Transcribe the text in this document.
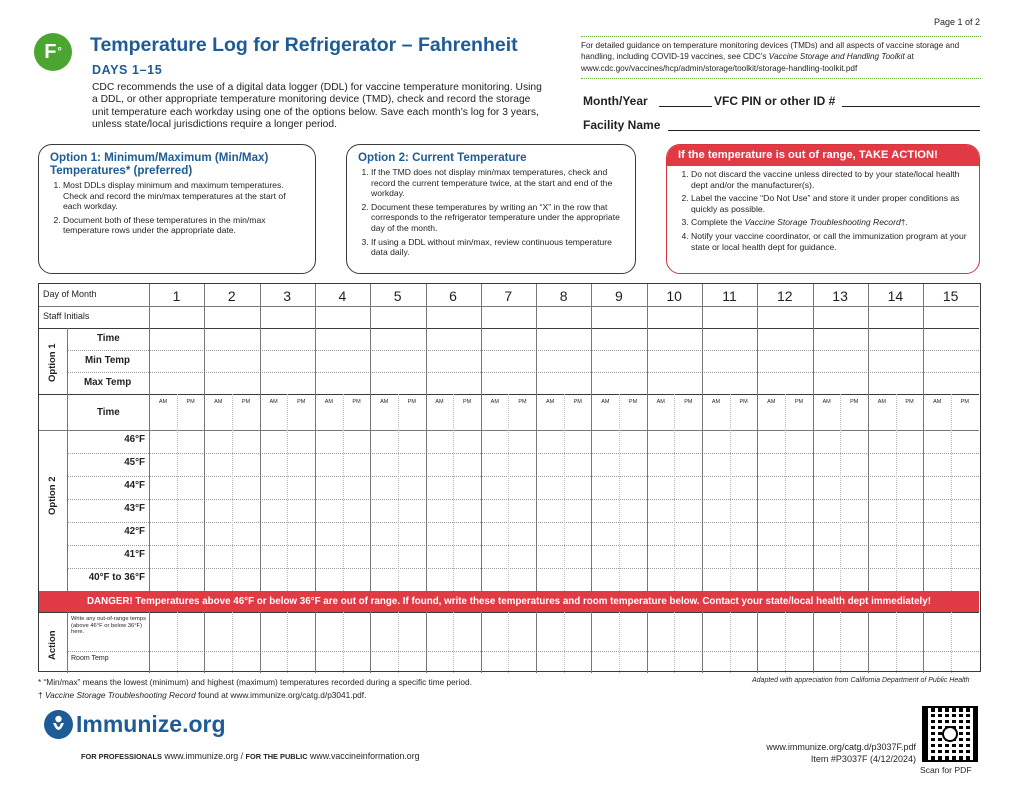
Page 1 of 2
F ° Temperature Log for Refrigerator – Fahrenheit
DAYS 1–15
CDC recommends the use of a digital data logger (DDL) for vaccine temperature monitoring. Using a DDL, or other appropriate temperature monitoring device (TMD), check and record the storage unit temperature each workday using one of the options below. Save each month’s log for 3 years, unless state/local jurisdictions require a longer period.
For detailed guidance on temperature monitoring devices (TMDs) and all aspects of vaccine storage and handling, including COVID-19 vaccines, see CDC’s Vaccine Storage and Handling Toolkit at www.cdc.gov/vaccines/hcp/admin/storage/toolkit/storage-handling-toolkit.pdf
Month/Year	VFC PIN or other ID #
Facility Name
Option 1: Minimum/Maximum (Min/Max) Temperatures* (preferred)
1. Most DDLs display minimum and maximum temperatures. Check and record the min/max temperatures at the start of each workday.
2. Document both of these temperatures in the min/max temperature rows under the appropriate date.
Option 2: Current Temperature
1. If the TMD does not display min/max temperatures, check and record the current temperature twice, at the start and end of the workday.
2. Document these temperatures by writing an “X” in the row that corresponds to the refrigerator temperature under the appropriate day of the month.
3. If using a DDL without min/max, review continuous temperature data daily.
If the temperature is out of range, TAKE ACTION!
1. Do not discard the vaccine unless directed to by your state/local health dept and/or the manufacturer(s).
2. Label the vaccine “Do Not Use” and store it under proper conditions as quickly as possible.
3. Complete the Vaccine Storage Troubleshooting Record†.
4. Notify your vaccine coordinator, or call the immunization program at your state or local health dept for guidance.
Day of Month	1	2	3	4	5	6	7	8	9	10	11	12	13	14	15
Staff Initials
Option 1
Time
Min Temp
Max Temp
Option 2
Time
AM	PM	AM	PM	AM	PM	AM	PM	AM	PM	AM	PM	AM	PM	AM	PM	AM	PM	AM	PM	AM	PM	AM	PM	AM	PM	AM	PM	AM	PM
46°F
45°F
44°F
43°F
42°F
41°F
40°F to 36°F
DANGER! Temperatures above 46°F or below 36°F are out of range. If found, write these temperatures and room temperature below. Contact your state/local health dept immediately!
Action
Write any out-of-range temps (above 46°F or below 36°F) here.
Room Temp
* “Min/max” means the lowest (minimum) and highest (maximum) temperatures recorded during a specific time period.
† Vaccine Storage Troubleshooting Record found at www.immunize.org/catg.d/p3041.pdf.
Adapted with appreciation from California Department of Public Health
Immunize.org
FOR PROFESSIONALS www.immunize.org / FOR THE PUBLIC www.vaccineinformation.org
www.immunize.org/catg.d/p3037F.pdf
Item #P3037F (4/12/2024)
Scan for PDF
